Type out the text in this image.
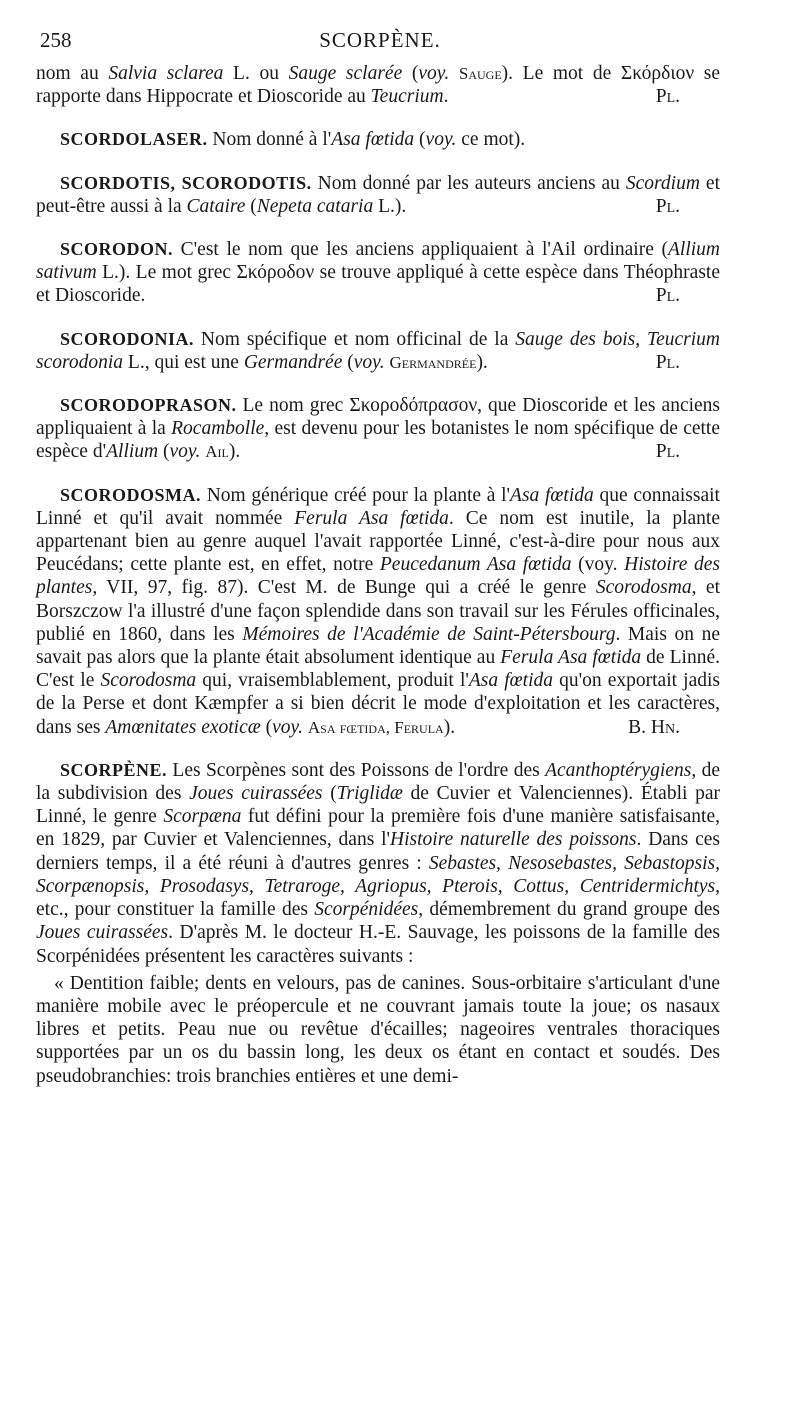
258	SCORPÈNE.

nom au Salvia sclarea L. ou Sauge sclarée (voy. Sauge). Le mot de Σκόρδιον se rapporte dans Hippocrate et Dioscoride au Teucrium.	Pl.

SCORDOLASER. Nom donné à l'Asa fœtida (voy. ce mot).

SCORDOTIS, SCORODOTIS. Nom donné par les auteurs anciens au Scordium et peut-être aussi à la Cataire (Nepeta cataria L.).	Pl.

SCORODON. C'est le nom que les anciens appliquaient à l'Ail ordinaire (Allium sativum L.). Le mot grec Σκόροδον se trouve appliqué à cette espèce dans Théophraste et Dioscoride.	Pl.

SCORODONIA. Nom spécifique et nom officinal de la Sauge des bois, Teucrium scorodonia L., qui est une Germandrée (voy. Germandrée).	Pl.

SCORODOPRASON. Le nom grec Σκοροδόπρασον, que Dioscoride et les anciens appliquaient à la Rocambolle, est devenu pour les botanistes le nom spécifique de cette espèce d'Allium (voy. Ail).	Pl.

SCORODOSMA. Nom générique créé pour la plante à l'Asa fœtida que connaissait Linné et qu'il avait nommée Ferula Asa fœtida. Ce nom est inutile, la plante appartenant bien au genre auquel l'avait rapportée Linné, c'est-à-dire pour nous aux Peucédans; cette plante est, en effet, notre Peucedanum Asa fœtida (voy. Histoire des plantes, VII, 97, fig. 87). C'est M. de Bunge qui a créé le genre Scorodosma, et Borszczow l'a illustré d'une façon splendide dans son travail sur les Férules officinales, publié en 1860, dans les Mémoires de l'Académie de Saint-Pétersbourg. Mais on ne savait pas alors que la plante était absolument identique au Ferula Asa fœtida de Linné. C'est le Scorodosma qui, vraisemblablement, produit l'Asa fœtida qu'on exportait jadis de la Perse et dont Kæmpfer a si bien décrit le mode d'exploitation et les caractères, dans ses Amœnitates exoticæ (voy. Asa fœtida, Ferula).	B. Hn.

SCORPÈNE. Les Scorpènes sont des Poissons de l'ordre des Acanthoptérygiens, de la subdivision des Joues cuirassées (Triglidæ de Cuvier et Valenciennes). Établi par Linné, le genre Scorpæna fut défini pour la première fois d'une manière satisfaisante, en 1829, par Cuvier et Valenciennes, dans l'Histoire naturelle des poissons. Dans ces derniers temps, il a été réuni à d'autres genres : Sebastes, Nesosebastes, Sebastopsis, Scorpænopsis, Prosodasys, Tetraroge, Agriopus, Pterois, Cottus, Centridermichtys, etc., pour constituer la famille des Scorpénidées, démembrement du grand groupe des Joues cuirassées. D'après M. le docteur H.-E. Sauvage, les poissons de la famille des Scorpénidées présentent les caractères suivants :

« Dentition faible; dents en velours, pas de canines. Sous-orbitaire s'articulant d'une manière mobile avec le préopercule et ne couvrant jamais toute la joue; os nasaux libres et petits. Peau nue ou revêtue d'écailles; nageoires ventrales thoraciques supportées par un os du bassin long, les deux os étant en contact et soudés. Des pseudobranchies: trois branchies entières et une demi-
